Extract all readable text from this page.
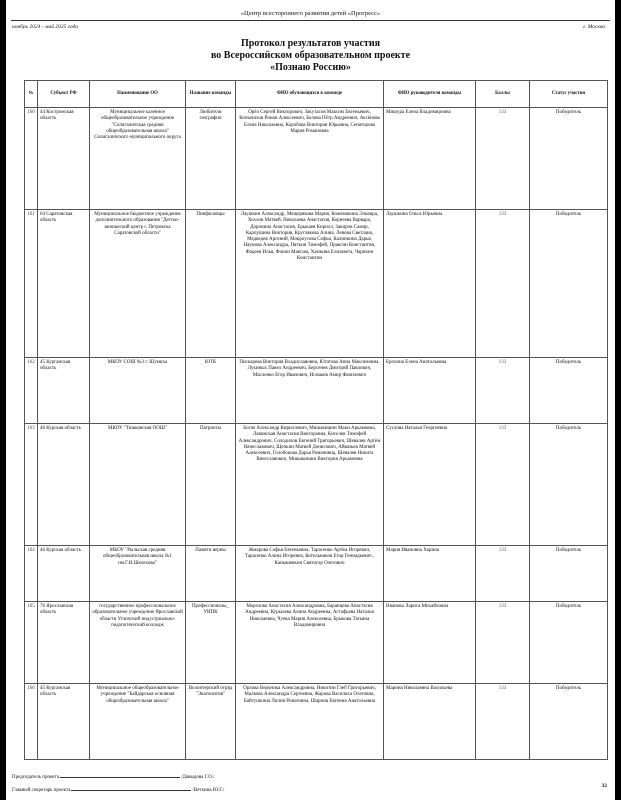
«Центр всестороннего развития детей «Прогресс»
ноябрь 2024 - май 2025 года	г. Москва
Протокол результатов участия
во Всероссийском образовательном проекте
«Познаю Россию»
№	Субъект РФ	Наименование ОО	Название команды	ФИО обучающихся в команде	ФИО руководителя команды	Баллы	Статус участия
160	44 Костромская область	Муниципальное казенное общеобразовательное учреждение "Солигаличская средняя общеобразовательная школа" Солигаличского муниципального округа	Любители географии	Орёл Сергей Викторович, Закутасов Максим Евгеньевич, Копычихов Роман Алексеевич, Белова Пётр Андреевич, Аксёнова Елена Николаевна, Коробова Виктория Юрьевна, Сенаторова Мария Романовна	Мишура Елена Владимировна	133	Победитель
161	64 Саратовская область	Муниципальное бюджетное учреждение дополнительного образования "Детско-юношеский центр г. Петровска Саратовской области"	Пинфиловцы	Лаушкин Александр, Мещерякова Мария, Кожемякина Эльвира, Хохлов Матвей, Николаева Анастасия, Корнеева Варвара, Доронина Анастасия, Ерыкаев Кирилл, Закиров Самир, Карпушина Виктория, Круглякова Алина, Левова Светлана, Медведев Арсений, Мокроусова Софья, Калинкина Дарья, Наумова Александра, Пяткин Тимофей, Праксин Константин, Фадеев Илья, Фокин Максим, Хамкина Елизавета, Чарикин Константин	Лаушкина Ольга Юрьевна	133	Победитель
162	45 Курганская область	МКОУ СОШ №3 г. Шумиха	ЮТК	Пискарева Виктория Владиславовна, Югатова Анна Максимовна, Лукиных Павел Андреевич, Берсенев Дмитрий Павлович, Масленко Егор Иванович, Исмаков Амир Фанилевич	Ерохина Елена Анатольевна	133	Победитель
163	46 Курская область	МКОУ "Тишковская ООШ"	Патриоты	Богач Александр Кириллович, Мишакишин Маки Арьамовна, Лавинская Анастасия Викторовна, Киселев Тимофей Александрович, Солодилов Евгений Григорьевич, Шевалев Артём Вячеславович, Щепкин Матвей Денисович, Айвазьев Матвей Алексеевич, Голобокова Дарья Романовна, Шевалев Никита Вячеславович, Мишакишин Виктория Арьамовна	Суслова Наталья Георгиевна	133	Победитель
164	46 Курская область	МБОУ "Рыльская средняя общеобразовательная школа №1 им.Г.И.Шелехова"	Памяти верны	Жмарова Софья Евгеньевна, Тарасенко Артём Игоревич, Тарасенко Алина Игоревна, Котельников Егор Геннадьевич , Капышевкин Святогор Олегович	Мария Ивановна Харина	133	Победитель
165	76 Ярославская область	государственное профессиональное образовательное учреждение Ярославской области Угличский индустриально-педагогический колледж	Профессионалы_ УИПК	Морозова Анастасия Александровна, Баранцева Анастасия Андреевна, Курылева Алина Андреевна, Астафьева Наталья Николаевна, Чуева Мария Алексеевна, Брыкова Татьяна Владимировна	Иванова Лариса Михайловна	133	Победитель
166	45 Курганская область	Муниципальное общеобразовательное учреждение "Байдарская основная общеобразовательная школа"	Волонтерский отряд "Экопозитив"	Орлова Вероника Александровна, Никитин Глеб Григорьевич, Малкова Александра Сергеевна, Жарова Василиса Олеговна, Байтушкина Лилия Ринатовна, Шарина Евгения Анатольевна	Марина Николаевна Васильева	133	Победитель
Председатель проекта	/Давыдова Г.О./
Главный секретарь проекта	/Веткина Ю.Г./
32
